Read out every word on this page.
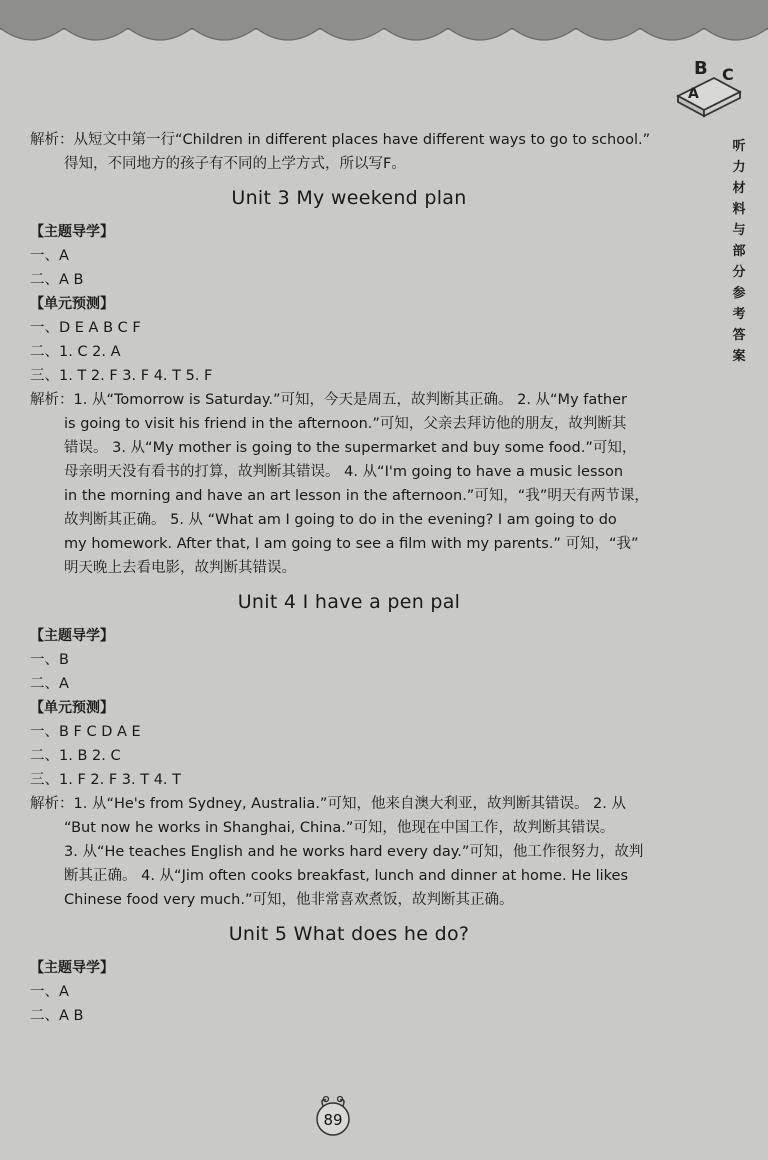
B C
A
听
力
材
料
与
部
分
参
考
答
案
解析：从短文中第一行“Children in different places have different ways to go to school.”
得知，不同地方的孩子有不同的上学方式，所以写F。
Unit 3 My weekend plan
【主题导学】
一、A
二、A B
【单元预测】
一、D E A B C F
二、1. C 2. A
三、1. T 2. F 3. F 4. T 5. F
解析：1. 从“Tomorrow is Saturday.”可知，今天是周五，故判断其正确。 2. 从“My father
is going to visit his friend in the afternoon.”可知，父亲去拜访他的朋友，故判断其
错误。 3. 从“My mother is going to the supermarket and buy some food.”可知，
母亲明天没有看书的打算，故判断其错误。 4. 从“I'm going to have a music lesson
in the morning and have an art lesson in the afternoon.”可知，“我”明天有两节课，
故判断其正确。 5. 从 “What am I going to do in the evening? I am going to do
my homework. After that, I am going to see a film with my parents.” 可知，“我”
明天晚上去看电影，故判断其错误。
Unit 4 I have a pen pal
【主题导学】
一、B
二、A
【单元预测】
一、B F C D A E
二、1. B 2. C
三、1. F 2. F 3. T 4. T
解析：1. 从“He's from Sydney, Australia.”可知，他来自澳大利亚，故判断其错误。 2. 从
“But now he works in Shanghai, China.”可知，他现在中国工作，故判断其错误。
3. 从“He teaches English and he works hard every day.”可知，他工作很努力，故判
断其正确。 4. 从“Jim often cooks breakfast, lunch and dinner at home. He likes
Chinese food very much.”可知，他非常喜欢煮饭，故判断其正确。
Unit 5 What does he do?
【主题导学】
一、A
二、A B
89
